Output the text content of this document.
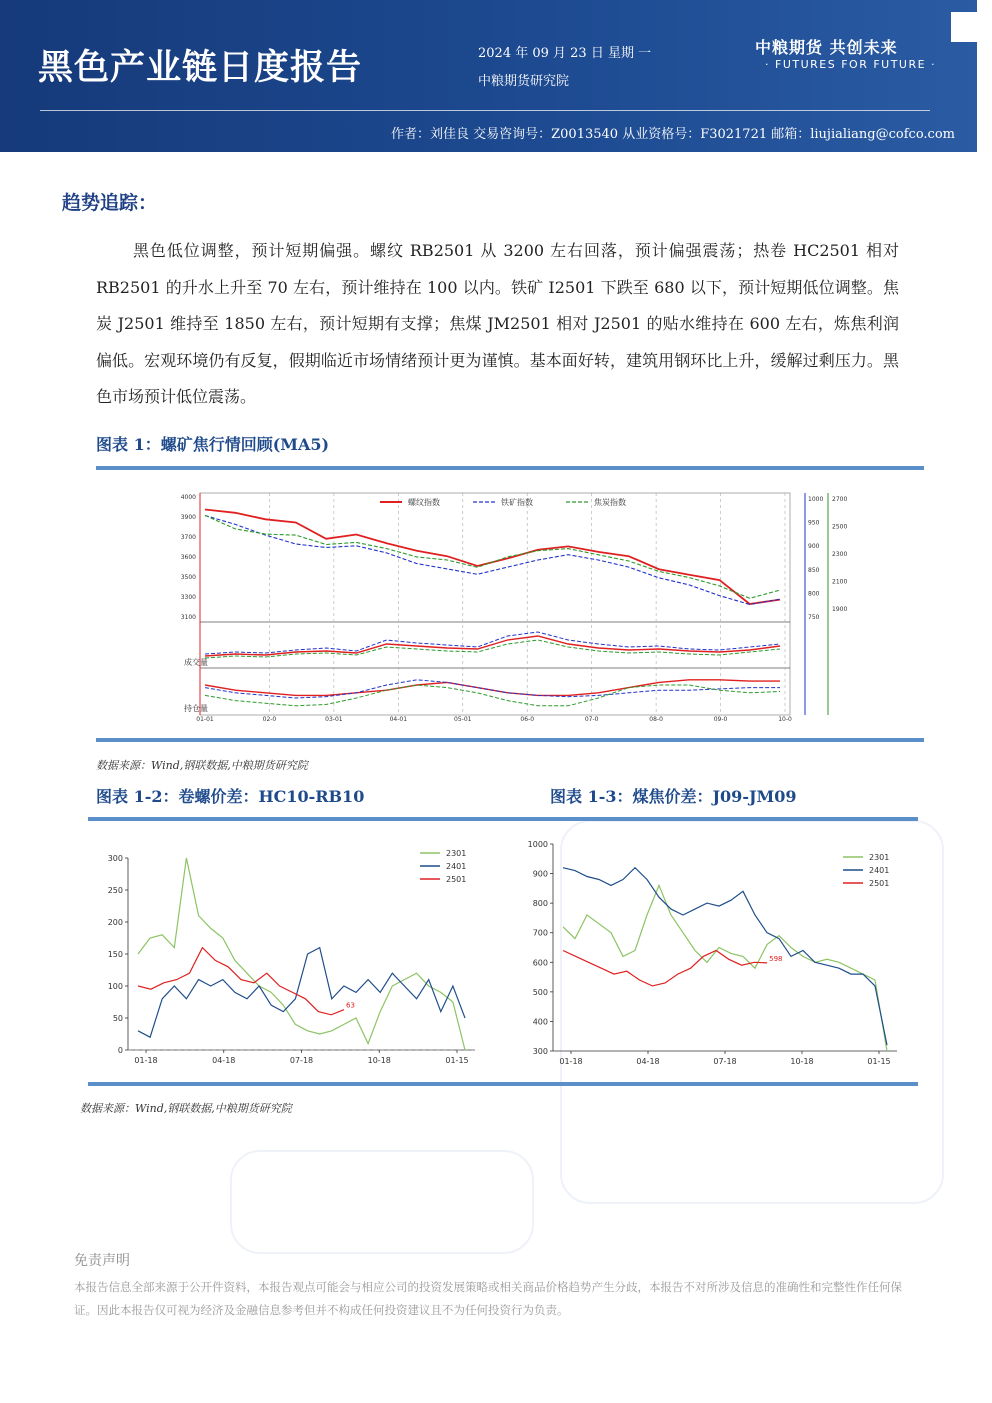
黑色产业链日度报告	2024 年 09 月 23 日 星期 一
中粮期货研究院
中粮期货 共创未来
· FUTURES FOR FUTURE ·
作者：刘佳良 交易咨询号：Z0013540 从业资格号：F3021721 邮箱：liujialiang@cofco.com
趋势追踪：
黑色低位调整，预计短期偏强。螺纹 RB2501 从 3200 左右回落，预计偏强震荡；热卷 HC2501 相对 RB2501 的升水上升至 70 左右，预计维持在 100 以内。铁矿 I2501 下跌至 680 以下，预计短期低位调整。焦炭 J2501 维持至 1850 左右，预计短期有支撑；焦煤 JM2501 相对 J2501 的贴水维持在 600 左右，炼焦利润偏低。宏观环境仍有反复，假期临近市场情绪预计更为谨慎。基本面好转，建筑用钢环比上升，缓解过剩压力。黑色市场预计低位震荡。
图表 1：螺矿焦行情回顾(MA5)
01-01	02-0	03-01	04-01	05-01	06-0	07-0	08-0	09-0	10-0
4000
3900
3700
3600
3500
3300
3100
1000
950
900
850
800
750
2700
2500
2300
2100
1900
螺纹指数	铁矿指数	焦炭指数
成交量
持仓量
数据来源：Wind,钢联数据,中粮期货研究院
图表 1-2：卷螺价差：HC10-RB10	图表 1-3：煤焦价差：J09-JM09
300
250
200
150
100
50
0
01-18	04-18	07-18	10-18	01-15
2301
2401
2501
63
1000
900
800
700
600
500
400
300
01-18	04-18	07-18	10-18	01-15
2301
2401
2501
598
数据来源：Wind,钢联数据,中粮期货研究院
免责声明
本报告信息全部来源于公开件资料，本报告观点可能会与相应公司的投资发展策略或相关商品价格趋势产生分歧，本报告不对所涉及信息的准确性和完整性作任何保证。因此本报告仅可视为经济及金融信息参考但并不构成任何投资建议且不为任何投资行为负责。
